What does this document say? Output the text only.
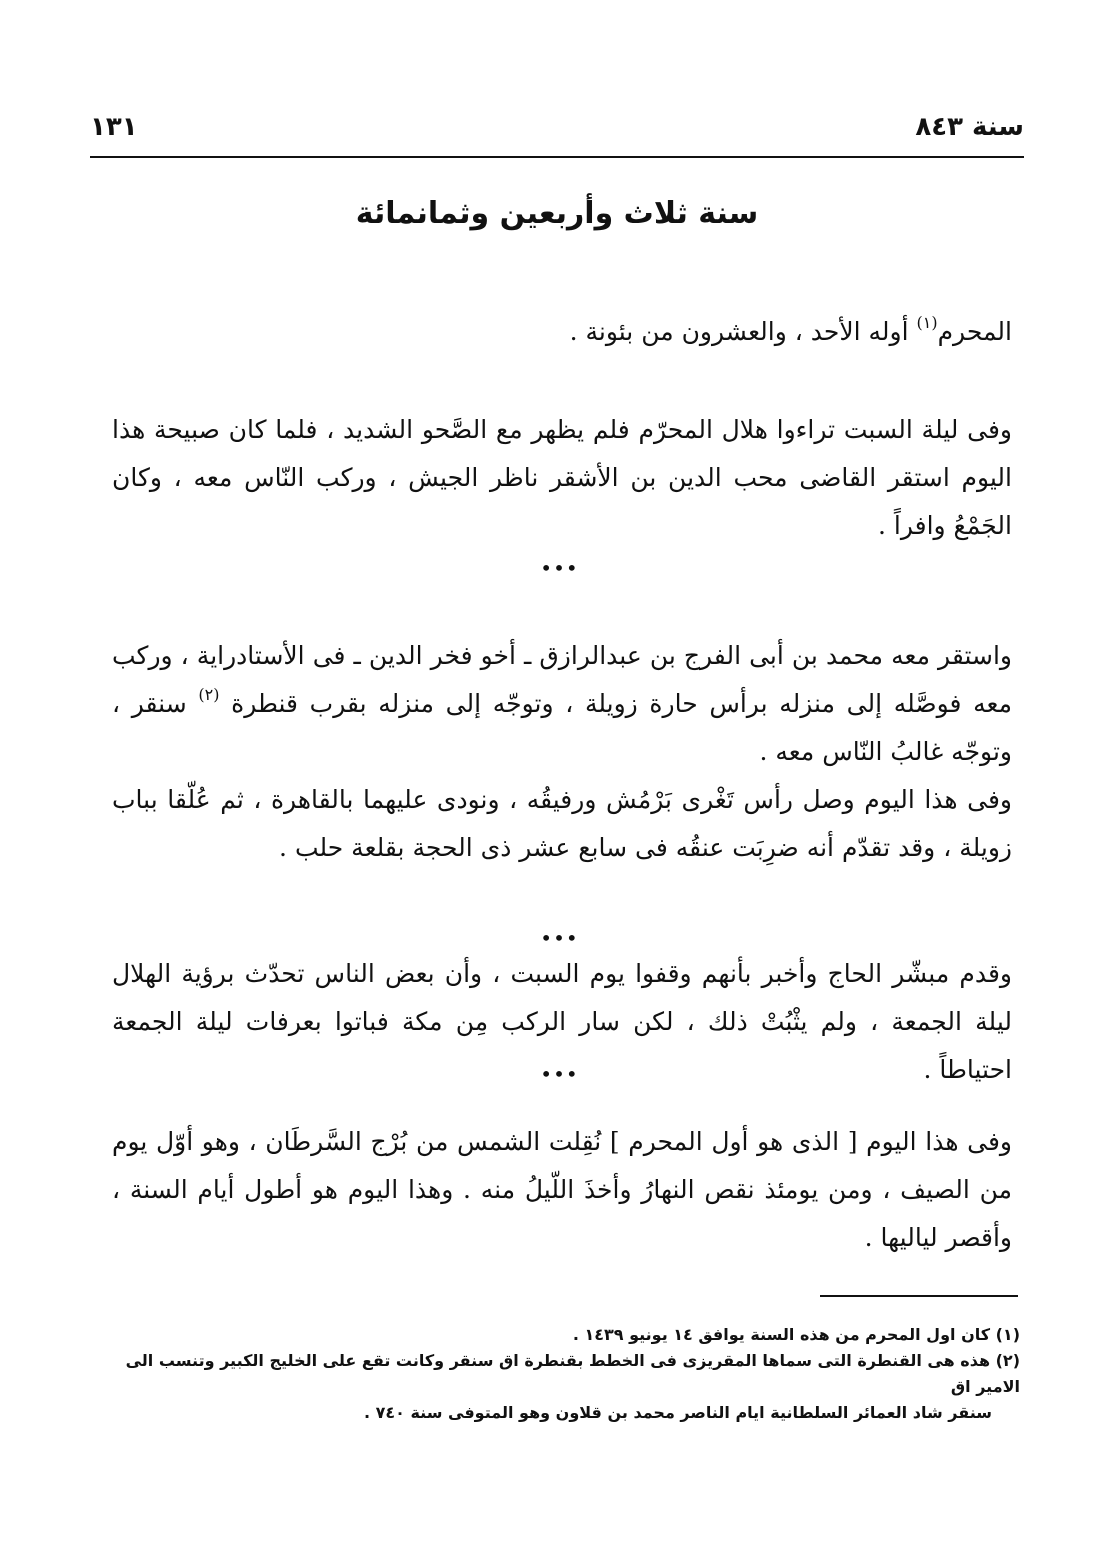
سنة ٨٤٣
١٣١
سنة ثلاث وأربعين وثمانمائة
المحرم$^{(١)}$ أوله الأحد ، والعشرون من بئونة .
وفى ليلة السبت تراءوا هلال المحرّم فلم يظهر مع الصَّحو الشديد ، فلما كان صبيحة هذا اليوم استقر القاضى محب الدين بن الأشقر ناظر الجيش ، وركب النّاس معه ، وكان الجَمْعُ وافراً .
•••
واستقر معه محمد بن أبى الفرج بن عبدالرازق ـ أخو فخر الدين ـ فى الأستادراية ، وركب معه فوصَّله إلى منزله برأس حارة زويلة ، وتوجّه إلى منزله بقرب قنطرة $^{(٢)}$ سنقر ، وتوجّه غالبُ النّاس معه .
وفى هذا اليوم وصل رأس تَغْرى بَرْمُش ورفيقُه ، ونودى عليهما بالقاهرة ، ثم عُلّقا بباب زويلة ، وقد تقدّم أنه ضرِبَت عنقُه فى سابع عشر ذى الحجة بقلعة حلب .
•••
وقدم مبشّر الحاج وأخبر بأنهم وقفوا يوم السبت ، وأن بعض الناس تحدّث برؤية الهلال ليلة الجمعة ، ولم يثْبُتْ ذلك ، لكن سار الركب مِن مكة فباتوا بعرفات ليلة الجمعة احتياطاً .
•••
وفى هذا اليوم [ الذى هو أول المحرم ] نُقِلت الشمس من بُرْج السَّرطَان ، وهو أوّل يوم من الصيف ، ومن يومئذ نقص النهارُ وأخذَ اللّيلُ منه . وهذا اليوم هو أطول أيام السنة ، وأقصر لياليها .
(١) كان اول المحرم من هذه السنة يوافق ١٤ يونيو ١٤٣٩ .
(٢) هذه هى القنطرة التى سماها المقريزى فى الخطط بقنطرة اق سنقر وكانت تقع على الخليج الكبير وتنسب الى الامير اق
سنقر شاد العمائر السلطانية ايام الناصر محمد بن قلاون وهو المتوفى سنة ٧٤٠ .
